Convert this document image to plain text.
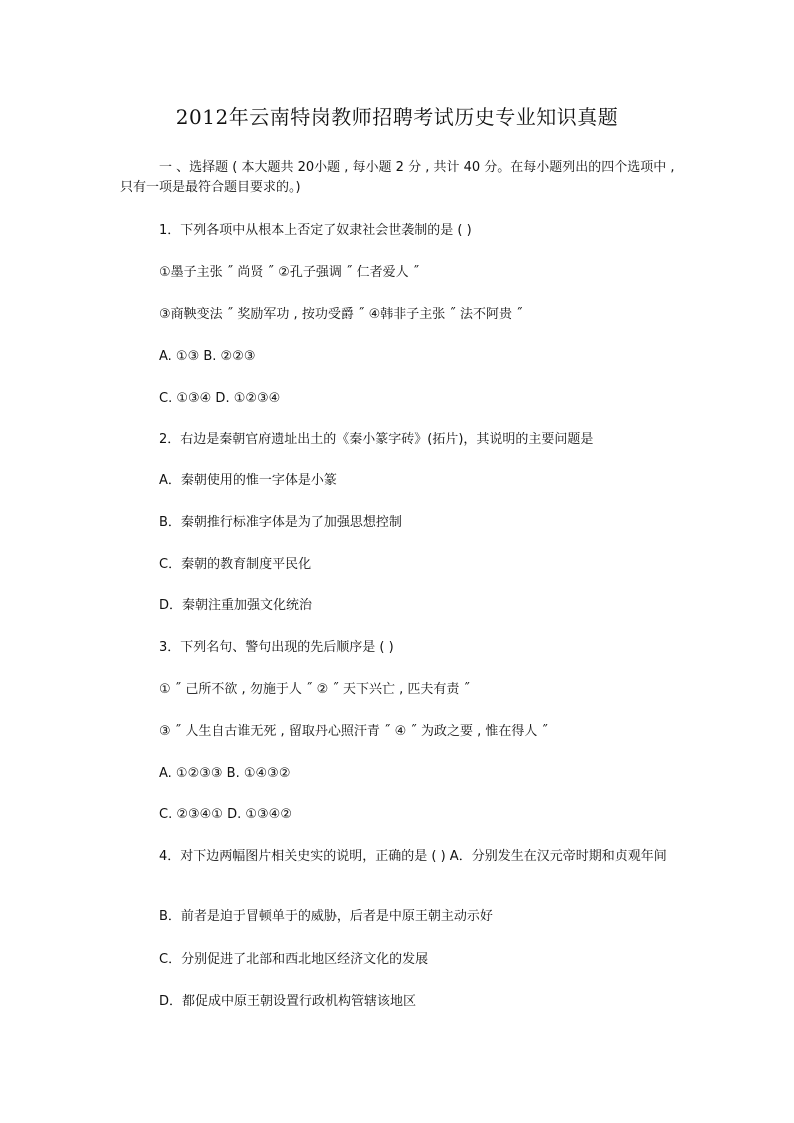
2012年云南特岗教师招聘考试历史专业知识真题
一 、选择题 ( 本大题共 20小题 , 每小题 2 分 , 共计 40 分。在每小题列出的四个选项中 , 只有一项是最符合题目要求的。)
1．下列各项中从根本上否定了奴隶社会世袭制的是 ( )
①墨子主张 ˝ 尚贤 ˝ ②孔子强调 ˝ 仁者爱人 ˝
③商鞅变法 ˝ 奖励军功 , 按功受爵 ˝ ④韩非子主张 ˝ 法不阿贵 ˝
A. ①③ B. ②②③
C. ①③④ D. ①②③④
2．右边是秦朝官府遗址出土的《秦小篆字砖》(拓片)，其说明的主要问题是
A．秦朝使用的惟一字体是小篆
B．秦朝推行标准字体是为了加强思想控制
C．秦朝的教育制度平民化
D．秦朝注重加强文化统治
3．下列名句、警句出现的先后顺序是 ( )
① ˝ 己所不欲 , 勿施于人 ˝ ② ˝ 天下兴亡 , 匹夫有责 ˝
③ ˝ 人生自古谁无死 , 留取丹心照汗青 ˝ ④ ˝ 为政之要 , 惟在得人 ˝
A. ①②③③ B. ①④③②
C. ②③④① D. ①③④②
4．对下边两幅图片相关史实的说明，正确的是 ( ) A．分别发生在汉元帝时期和贞观年间
B．前者是迫于冒顿单于的威胁，后者是中原王朝主动示好
C．分别促进了北部和西北地区经济文化的发展
D．都促成中原王朝设置行政机构管辖该地区
